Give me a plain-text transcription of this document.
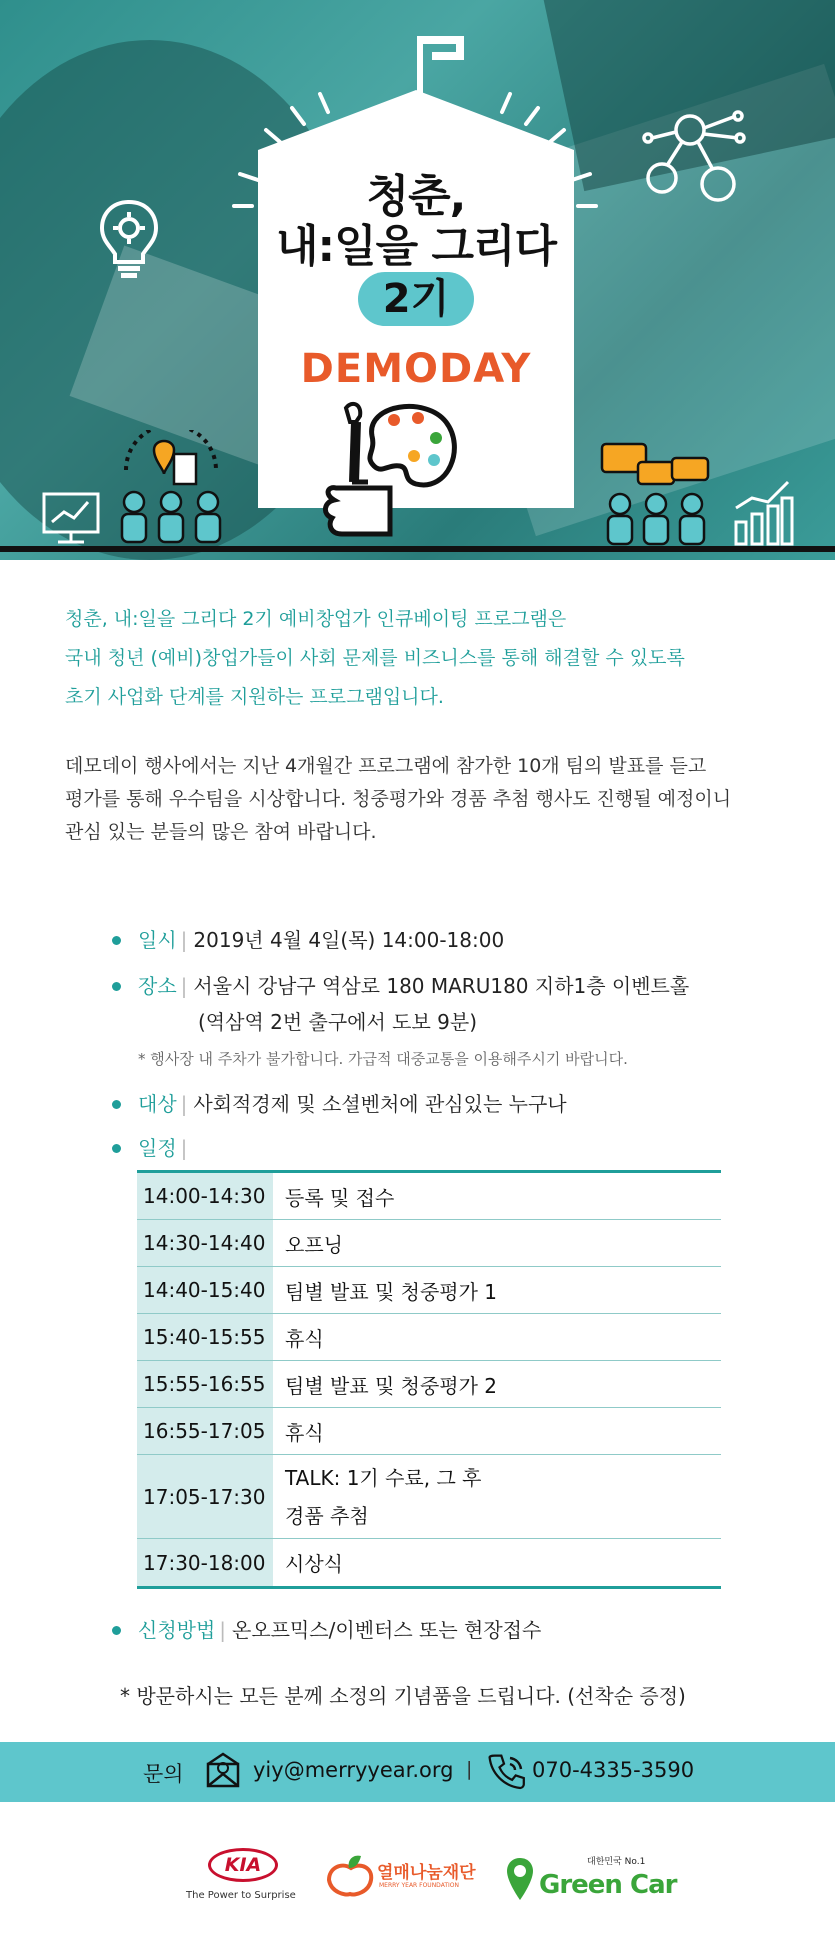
청춘,
내:일을 그리다
2기
DEMODAY

청춘, 내:일을 그리다 2기 예비창업가 인큐베이팅 프로그램은

국내 청년 (예비)창업가들이 사회 문제를 비즈니스를 통해 해결할 수 있도록

초기 사업화 단계를 지원하는 프로그램입니다.

데모데이 행사에서는 지난 4개월간 프로그램에 참가한 10개 팀의 발표를 듣고

평가를 통해 우수팀을 시상합니다. 청중평가와 경품 추첨 행사도 진행될 예정이니

관심 있는 분들의 많은 참여 바랍니다.

일시 | 2019년 4월 4일(목) 14:00-18:00
장소 | 서울시 강남구 역삼로 180 MARU180 지하1층 이벤트홀
(역삼역 2번 출구에서 도보 9분)
* 행사장 내 주차가 불가합니다. 가급적 대중교통을 이용해주시기 바랍니다.
대상 | 사회적경제 및 소셜벤처에 관심있는 누구나
일정 |
14:00-14:30 등록 및 접수
14:30-14:40 오프닝
14:40-15:40 팀별 발표 및 청중평가 1
15:40-15:55 휴식
15:55-16:55 팀별 발표 및 청중평가 2
16:55-17:05 휴식
17:05-17:30
TALK: 1기 수료, 그 후
경품 추첨
17:30-18:00 시상식
신청방법 | 온오프믹스/이벤터스 또는 현장접수
* 방문하시는 모든 분께 소정의 기념품을 드립니다. (선착순 증정)
문의	yiy@merryyear.org |	070-4335-3590
KIA
The Power to Surprise
열매나눔재단
MERRY YEAR FOUNDATION
대한민국 No.1
Green Car
